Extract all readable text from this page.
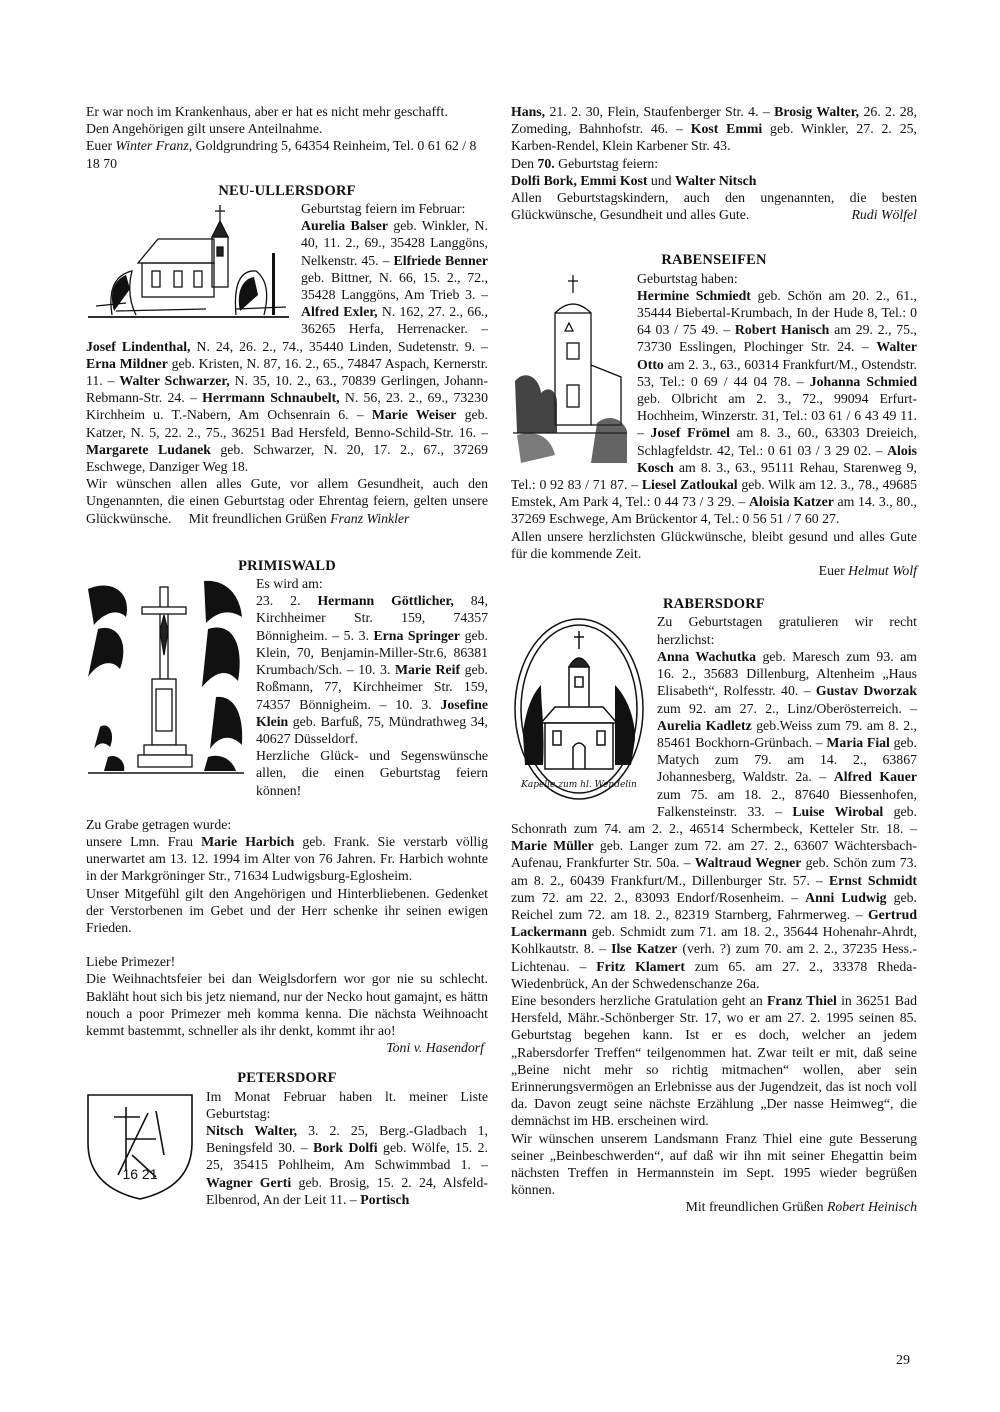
Er war noch im Krankenhaus, aber er hat es nicht mehr geschafft.

Den Angehörigen gilt unsere Anteilnahme.

Euer Winter Franz, Goldgrundring 5, 64354 Reinheim, Tel. 0 61 62 / 8 18 70

NEU-ULLERSDORF

Geburtstag feiern im Februar:

Aurelia Balser geb. Winkler, N. 40, 11. 2., 69., 35428 Langgöns, Nelkenstr. 45. – Elfriede Benner geb. Bittner, N. 66, 15. 2., 72., 35428 Langgöns, Am Trieb 3. – Alfred Exler, N. 162, 27. 2., 66., 36265 Herfa, Herrenacker. – Josef Lindenthal, N. 24, 26. 2., 74., 35440 Linden, Sudetenstr. 9. – Erna Mildner geb. Kristen, N. 87, 16. 2., 65., 74847 Aspach, Kernerstr. 11. – Walter Schwarzer, N. 35, 10. 2., 63., 70839 Gerlingen, Johann-Rebmann-Str. 24. – Herrmann Schnaubelt, N. 56, 23. 2., 69., 73230 Kirchheim u. T.-Nabern, Am Ochsenrain 6. – Marie Weiser geb. Katzer, N. 5, 22. 2., 75., 36251 Bad Hersfeld, Benno-Schild-Str. 16. – Margarete Ludanek geb. Schwarzer, N. 20, 17. 2., 67., 37269 Eschwege, Danziger Weg 18.

Wir wünschen allen alles Gute, vor allem Gesundheit, auch den Ungenannten, die einen Geburtstag oder Ehrentag feiern, gelten unsere Glückwünsche. Mit freundlichen Grüßen Franz Winkler

PRIMISWALD

Es wird am:

23. 2. Hermann Göttlicher, 84, Kirchheimer Str. 159, 74357 Bönnigheim. – 5. 3. Erna Springer geb. Klein, 70, Benjamin-Miller-Str.6, 86381 Krumbach/Sch. – 10. 3. Marie Reif geb. Roßmann, 77, Kirchheimer Str. 159, 74357 Bönnigheim. – 10. 3. Josefine Klein geb. Barfuß, 75, Mündrathweg 34, 40627 Düsseldorf.

Herzliche Glück- und Segenswünsche allen, die einen Geburtstag feiern können!

Zu Grabe getragen wurde:

unsere Lmn. Frau Marie Harbich geb. Frank. Sie verstarb völlig unerwartet am 13. 12. 1994 im Alter von 76 Jahren. Fr. Harbich wohnte in der Markgröninger Str., 71634 Ludwigsburg-Eglosheim.

Unser Mitgefühl gilt den Angehörigen und Hinterbliebenen. Gedenket der Verstorbenen im Gebet und der Herr schenke ihr seinen ewigen Frieden.

Liebe Primezer!

Die Weihnachtsfeier bei dan Weiglsdorfern wor gor nie su schlecht. Bakläht hout sich bis jetz niemand, nur der Necko hout gamajnt, es hättn nouch a poor Primezer meh komma kenna. Die nächsta Weihnoacht kemmt bastemmt, schneller als ihr denkt, kommt ihr ao!
Toni v. Hasendorf

PETERSDORF

16 21

Im Monat Februar haben lt. meiner Liste Geburtstag:

Nitsch Walter, 3. 2. 25, Berg.-Gladbach 1, Beningsfeld 30. – Bork Dolfi geb. Wölfe, 15. 2. 25, 35415 Pohlheim, Am Schwimmbad 1. – Wagner Gerti geb. Brosig, 15. 2. 24, Alsfeld-Elbenrod, An der Leit 11. – Portisch

Hans, 21. 2. 30, Flein, Staufenberger Str. 4. – Brosig Walter, 26. 2. 28, Zomeding, Bahnhofstr. 46. – Kost Emmi geb. Winkler, 27. 2. 25, Karben-Rendel, Klein Karbener Str. 43.

Den 70. Geburtstag feiern:

Dolfi Bork, Emmi Kost und Walter Nitsch

Allen Geburtstagskindern, auch den ungenannten, die besten Glückwünsche, Gesundheit und alles Gute.	Rudi Wölfel

RABENSEIFEN

Geburtstag haben:

Hermine Schmiedt geb. Schön am 20. 2., 61., 35444 Biebertal-Krumbach, In der Hude 8, Tel.: 0 64 03 / 75 49. – Robert Hanisch am 29. 2., 75., 73730 Esslingen, Plochinger Str. 24. – Walter Otto am 2. 3., 63., 60314 Frankfurt/M., Ostendstr. 53, Tel.: 0 69 / 44 04 78. – Johanna Schmied geb. Olbricht am 2. 3., 72., 99094 Erfurt-Hochheim, Winzerstr. 31, Tel.: 03 61 / 6 43 49 11. – Josef Frömel am 8. 3., 60., 63303 Dreieich, Schlagfeldstr. 42, Tel.: 0 61 03 / 3 29 02. – Alois Kosch am 8. 3., 63., 95111 Rehau, Starenweg 9, Tel.: 0 92 83 / 71 87. – Liesel Zatloukal geb. Wilk am 12. 3., 78., 49685 Emstek, Am Park 4, Tel.: 0 44 73 / 3 29. – Aloisia Katzer am 14. 3., 80., 37269 Eschwege, Am Brückentor 4, Tel.: 0 56 51 / 7 60 27.

Allen unsere herzlichsten Glückwünsche, bleibt gesund und alles Gute für die kommende Zeit.

Euer Helmut Wolf

RABERSDORF

Kapelle zum hl. Wendelin

Zu Geburtstagen gratulieren wir recht herzlichst:

Anna Wachutka geb. Maresch zum 93. am 16. 2., 35683 Dillenburg, Altenheim „Haus Elisabeth“, Rolfesstr. 40. – Gustav Dworzak zum 92. am 27. 2., Linz/Oberösterreich. – Aurelia Kadletz geb.Weiss zum 79. am 8. 2., 85461 Bockhorn-Grünbach. – Maria Fial geb. Matych zum 79. am 14. 2., 63867 Johannesberg, Waldstr. 2a. – Alfred Kauer zum 75. am 18. 2., 87640 Biessenhofen, Falkensteinstr. 33. – Luise Wirobal geb. Schonrath zum 74. am 2. 2., 46514 Schermbeck, Ketteler Str. 18. – Marie Müller geb. Langer zum 72. am 27. 2., 63607 Wächtersbach-Aufenau, Frankfurter Str. 50a. – Waltraud Wegner geb. Schön zum 73. am 8. 2., 60439 Frankfurt/M., Dillenburger Str. 57. – Ernst Schmidt zum 72. am 22. 2., 83093 Endorf/Rosenheim. – Anni Ludwig geb. Reichel zum 72. am 18. 2., 82319 Starnberg, Fahrmerweg. – Gertrud Lackermann geb. Schmidt zum 71. am 18. 2., 35644 Hohenahr-Ahrdt, Kohlkautstr. 8. – Ilse Katzer (verh. ?) zum 70. am 2. 2., 37235 Hess.-Lichtenau. – Fritz Klamert zum 65. am 27. 2., 33378 Rheda-Wiedenbrück, An der Schwedenschanze 26a.

Eine besonders herzliche Gratulation geht an Franz Thiel in 36251 Bad Hersfeld, Mähr.-Schönberger Str. 17, wo er am 27. 2. 1995 seinen 85. Geburtstag begehen kann. Ist er es doch, welcher an jedem „Rabersdorfer Treffen“ teilgenommen hat. Zwar teilt er mit, daß seine „Beine nicht mehr so richtig mitmachen“ wollen, aber sein Erinnerungsvermögen an Erlebnisse aus der Jugendzeit, das ist noch voll da. Davon zeugt seine nächste Erzählung „Der nasse Heimweg“, die demnächst im HB. erscheinen wird.

Wir wünschen unserem Landsmann Franz Thiel eine gute Besserung seiner „Beinbeschwerden“, auf daß wir ihn mit seiner Ehegattin beim nächsten Treffen in Hermannstein im Sept. 1995 wieder begrüßen können.

Mit freundlichen Grüßen Robert Heinisch

29
